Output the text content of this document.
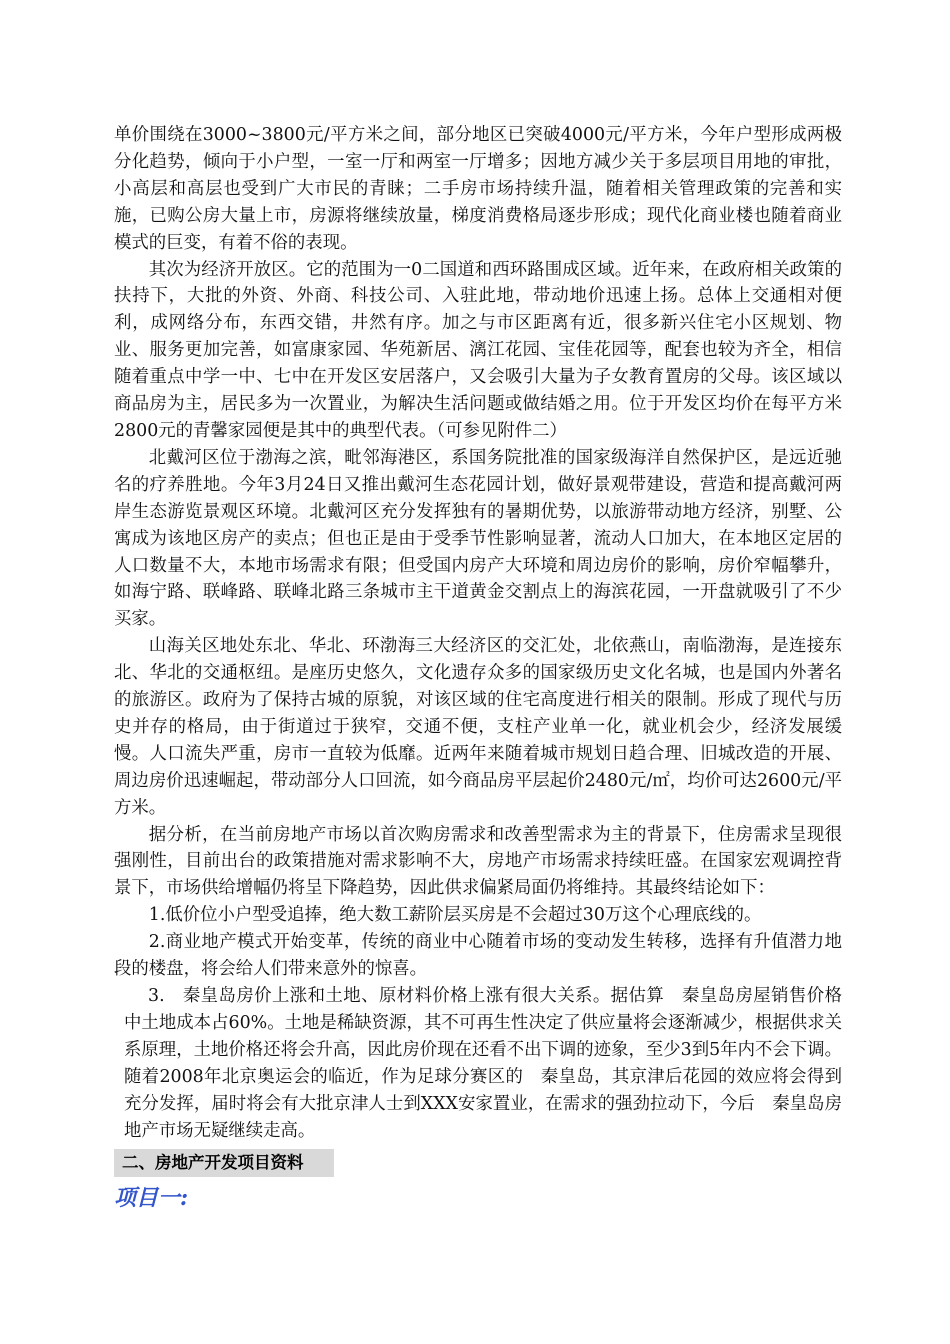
单价围绕在3000~3800元/平方米之间，部分地区已突破4000元/平方米，今年户型形成两极分化趋势，倾向于小户型，一室一厅和两室一厅增多；因地方减少关于多层项目用地的审批，小高层和高层也受到广大市民的青睐；二手房市场持续升温，随着相关管理政策的完善和实施，已购公房大量上市，房源将继续放量，梯度消费格局逐步形成；现代化商业楼也随着商业模式的巨变，有着不俗的表现。

其次为经济开放区。它的范围为一0二国道和西环路围成区域。近年来，在政府相关政策的扶持下，大批的外资、外商、科技公司、入驻此地，带动地价迅速上扬。总体上交通相对便利，成网络分布，东西交错，井然有序。加之与市区距离有近，很多新兴住宅小区规划、物业、服务更加完善，如富康家园、华苑新居、漓江花园、宝佳花园等，配套也较为齐全，相信随着重点中学一中、七中在开发区安居落户，又会吸引大量为子女教育置房的父母。该区域以商品房为主，居民多为一次置业，为解决生活问题或做结婚之用。位于开发区均价在每平方米2800元的青馨家园便是其中的典型代表。（可参见附件二）

北戴河区位于渤海之滨，毗邻海港区，系国务院批准的国家级海洋自然保护区，是远近驰名的疗养胜地。今年3月24日又推出戴河生态花园计划，做好景观带建设，营造和提高戴河两岸生态游览景观区环境。北戴河区充分发挥独有的暑期优势，以旅游带动地方经济，别墅、公寓成为该地区房产的卖点；但也正是由于受季节性影响显著，流动人口加大，在本地区定居的人口数量不大，本地市场需求有限；但受国内房产大环境和周边房价的影响，房价窄幅攀升，如海宁路、联峰路、联峰北路三条城市主干道黄金交割点上的海滨花园，一开盘就吸引了不少买家。

山海关区地处东北、华北、环渤海三大经济区的交汇处，北依燕山，南临渤海，是连接东北、华北的交通枢纽。是座历史悠久，文化遗存众多的国家级历史文化名城，也是国内外著名的旅游区。政府为了保持古城的原貌，对该区域的住宅高度进行相关的限制。形成了现代与历史并存的格局，由于街道过于狭窄，交通不便，支柱产业单一化，就业机会少，经济发展缓慢。人口流失严重，房市一直较为低靡。近两年来随着城市规划日趋合理、旧城改造的开展、周边房价迅速崛起，带动部分人口回流，如今商品房平层起价2480元/㎡，均价可达2600元/平方米。

据分析，在当前房地产市场以首次购房需求和改善型需求为主的背景下，住房需求呈现很强刚性，目前出台的政策措施对需求影响不大，房地产市场需求持续旺盛。在国家宏观调控背景下，市场供给增幅仍将呈下降趋势，因此供求偏紧局面仍将维持。其最终结论如下：

1.低价位小户型受追捧，绝大数工薪阶层买房是不会超过30万这个心理底线的。

2.商业地产模式开始变革，传统的商业中心随着市场的变动发生转移，选择有升值潜力地段的楼盘，将会给人们带来意外的惊喜。

3.　秦皇岛房价上涨和土地、原材料价格上涨有很大关系。据估算　秦皇岛房屋销售价格中土地成本占60%。土地是稀缺资源，其不可再生性决定了供应量将会逐渐减少，根据供求关系原理，土地价格还将会升高，因此房价现在还看不出下调的迹象，至少3到5年内不会下调。随着2008年北京奥运会的临近，作为足球分赛区的　秦皇岛，其京津后花园的效应将会得到充分发挥，届时将会有大批京津人士到XXX安家置业，在需求的强劲拉动下，今后　秦皇岛房地产市场无疑继续走高。

二、房地产开发项目资料
项目一:
